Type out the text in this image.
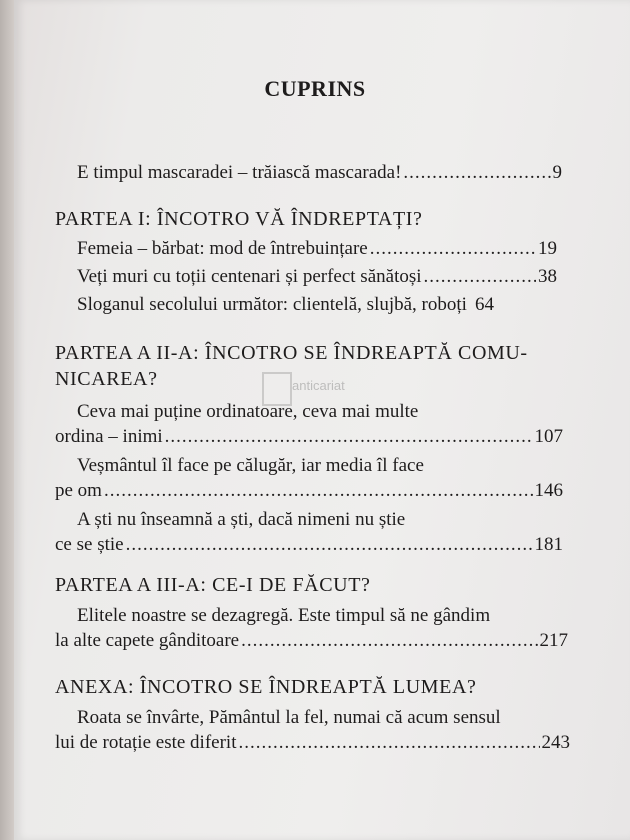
CUPRINS
anticariat
E timpul mascaradei – trăiască mascarada! .....	9
PARTEA I: ÎNCOTRO VĂ ÎNDREPTAȚI?
Femeia – bărbat: mod de întrebuințare .....	19
Veți muri cu toții centenari și perfect sănătoși .....	38
Sloganul secolului următor: clientelă, slujbă, roboți 64
PARTEA A II-A: ÎNCOTRO SE ÎNDREAPTĂ COMU-
NICAREA?
Ceva mai puține ordinatoare, ceva mai multe
ordina – inimi .....	107
Veșmântul îl face pe călugăr, iar media îl face
pe om .....	146
A ști nu înseamnă a ști, dacă nimeni nu știe
ce se știe .....	181
PARTEA A III-A: CE-I DE FĂCUT?
Elitele noastre se dezagregă. Este timpul să ne gândim
la alte capete gânditoare .....	217
ANEXA: ÎNCOTRO SE ÎNDREAPTĂ LUMEA?
Roata se învârte, Pământul la fel, numai că acum sensul
lui de rotație este diferit .....	243
